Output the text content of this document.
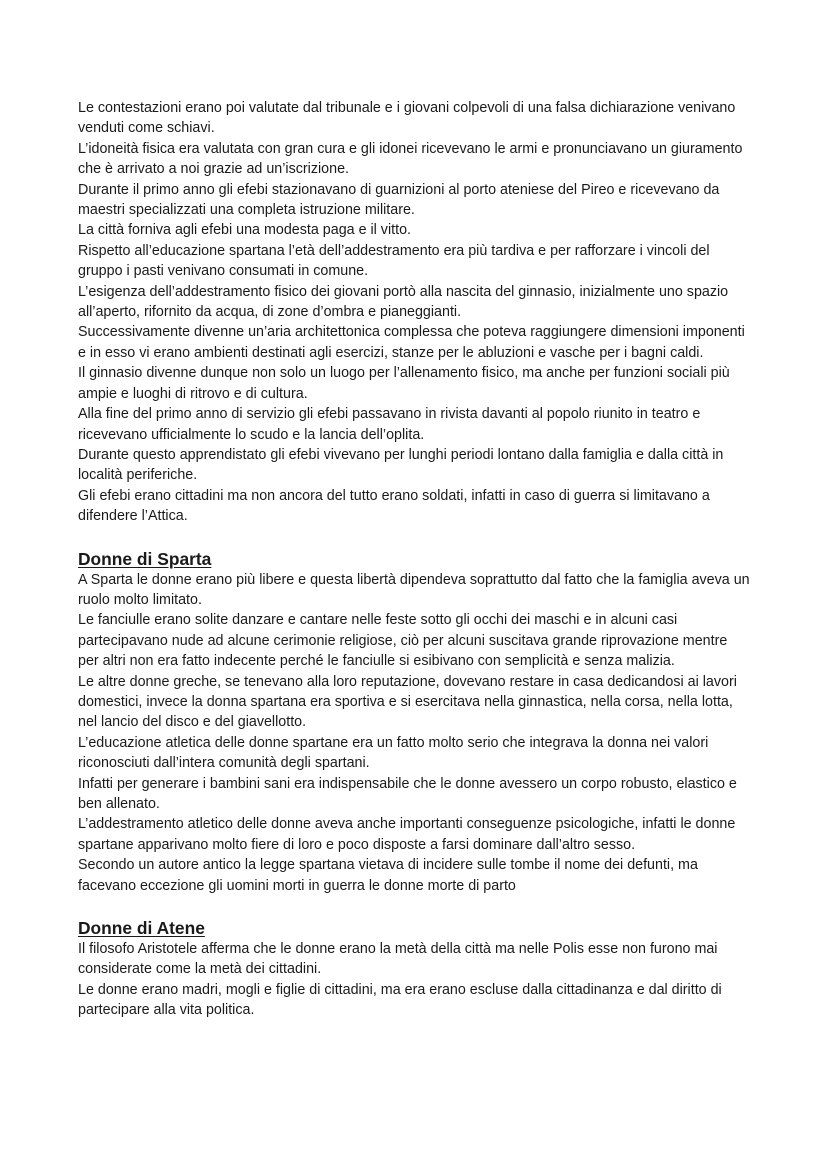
Le contestazioni erano poi valutate dal tribunale e i giovani colpevoli di una falsa dichiarazione venivano venduti come schiavi.

L’idoneità fisica era valutata con gran cura e gli idonei ricevevano le armi e pronunciavano un giuramento che è arrivato a noi grazie ad un’iscrizione.

Durante il primo anno gli efebi stazionavano di guarnizioni al porto ateniese del Pireo e ricevevano da maestri specializzati una completa istruzione militare.

La città forniva agli efebi una modesta paga e il vitto.

Rispetto all’educazione spartana l’età dell’addestramento era più tardiva e per rafforzare i vincoli del gruppo i pasti venivano consumati in comune.

L’esigenza dell’addestramento fisico dei giovani portò alla nascita del ginnasio, inizialmente uno spazio all’aperto, rifornito da acqua, di zone d’ombra e pianeggianti.

Successivamente divenne un’aria architettonica complessa che poteva raggiungere dimensioni imponenti e in esso vi erano ambienti destinati agli esercizi, stanze per le abluzioni e vasche per i bagni caldi.

Il ginnasio divenne dunque non solo un luogo per l’allenamento fisico, ma anche per funzioni sociali più ampie e luoghi di ritrovo e di cultura.

Alla fine del primo anno di servizio gli efebi passavano in rivista davanti al popolo riunito in teatro e ricevevano ufficialmente lo scudo e la lancia dell’oplita.

Durante questo apprendistato gli efebi vivevano per lunghi periodi lontano dalla famiglia e dalla città in località periferiche.

Gli efebi erano cittadini ma non ancora del tutto erano soldati, infatti in caso di guerra si limitavano a difendere l’Attica.

Donne di Sparta

A Sparta le donne erano più libere e questa libertà dipendeva soprattutto dal fatto che la famiglia aveva un ruolo molto limitato.

Le fanciulle erano solite danzare e cantare nelle feste sotto gli occhi dei maschi e in alcuni casi partecipavano nude ad alcune cerimonie religiose, ciò per alcuni suscitava grande riprovazione mentre per altri non era fatto indecente perché le fanciulle si esibivano con semplicità e senza malizia.

Le altre donne greche, se tenevano alla loro reputazione, dovevano restare in casa dedicandosi ai lavori domestici, invece la donna spartana era sportiva e si esercitava nella ginnastica, nella corsa, nella lotta, nel lancio del disco e del giavellotto.

L’educazione atletica delle donne spartane era un fatto molto serio che integrava la donna nei valori riconosciuti dall’intera comunità degli spartani.

Infatti per generare i bambini sani era indispensabile che le donne avessero un corpo robusto, elastico e ben allenato.

L’addestramento atletico delle donne aveva anche importanti conseguenze psicologiche, infatti le donne spartane apparivano molto fiere di loro e poco disposte a farsi dominare dall’altro sesso.

Secondo un autore antico la legge spartana vietava di incidere sulle tombe il nome dei defunti, ma facevano eccezione gli uomini morti in guerra le donne morte di parto

Donne di Atene

Il filosofo Aristotele afferma che le donne erano la metà della città ma nelle Polis esse non furono mai considerate come la metà dei cittadini.

Le donne erano madri, mogli e figlie di cittadini, ma era erano escluse dalla cittadinanza e dal diritto di partecipare alla vita politica.
